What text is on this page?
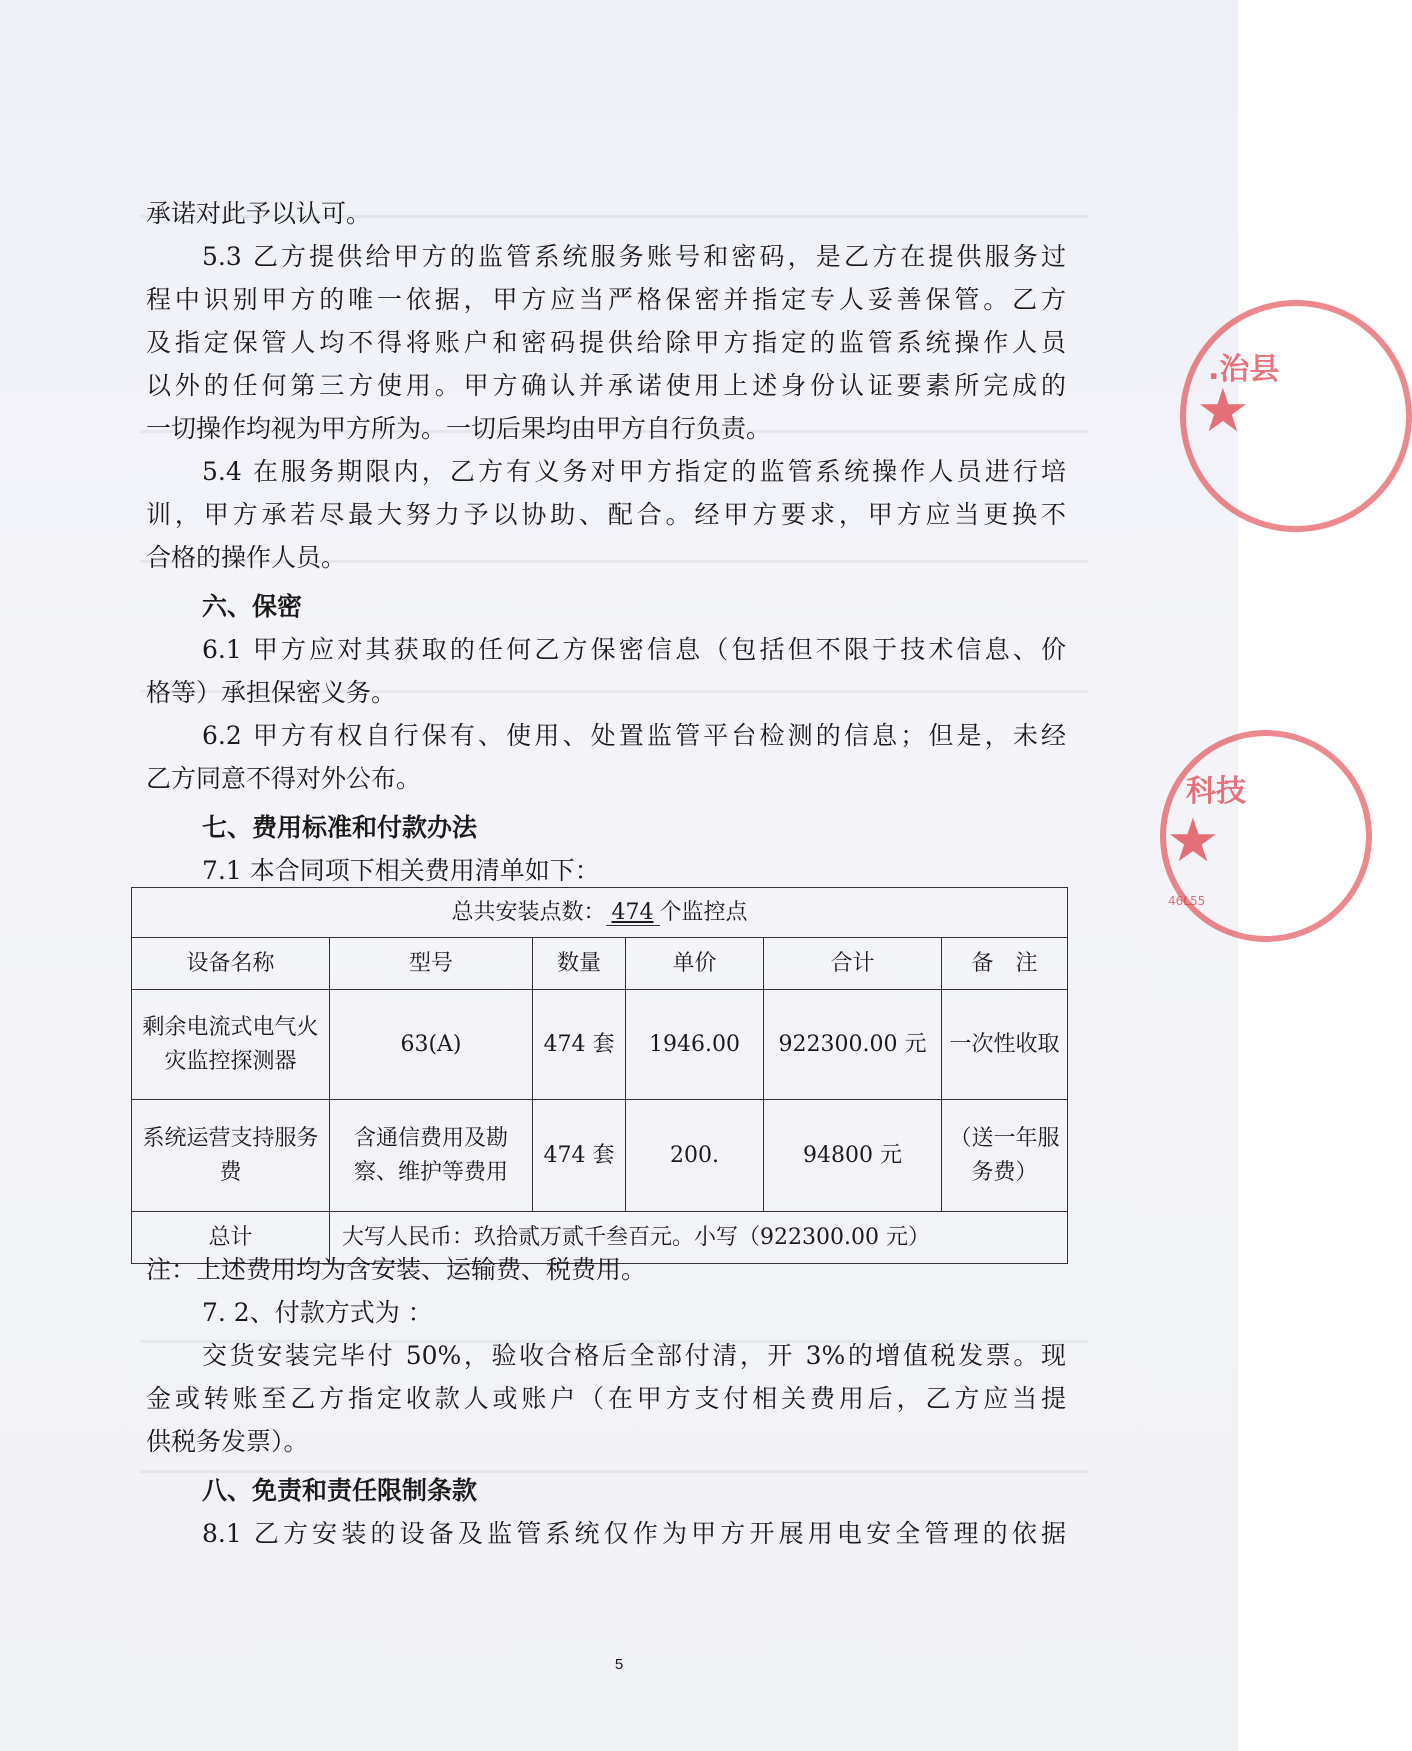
.治县
★
科技
★
46L55
承诺对此予以认可。
5.3 乙方提供给甲方的监管系统服务账号和密码，是乙方在提供服务过
程中识别甲方的唯一依据，甲方应当严格保密并指定专人妥善保管。乙方
及指定保管人均不得将账户和密码提供给除甲方指定的监管系统操作人员
以外的任何第三方使用。甲方确认并承诺使用上述身份认证要素所完成的
一切操作均视为甲方所为。一切后果均由甲方自行负责。
5.4 在服务期限内，乙方有义务对甲方指定的监管系统操作人员进行培
训，甲方承若尽最大努力予以协助、配合。经甲方要求，甲方应当更换不
合格的操作人员。
六、保密
6.1 甲方应对其获取的任何乙方保密信息（包括但不限于技术信息、价
格等）承担保密义务。
6.2 甲方有权自行保有、使用、处置监管平台检测的信息；但是，未经
乙方同意不得对外公布。
七、费用标准和付款办法
7.1 本合同项下相关费用清单如下：
总共安装点数： 474 个监控点					
设备名称	型号	数量	单价	合计	备　注
剩余电流式电气火灾监控探测器	63(A)	474 套	1946.00	922300.00 元	一次性收取
系统运营支持服务费	含通信费用及勘察、维护等费用	474 套	200.	94800 元	（送一年服务费）
总计	大写人民币：玖拾贰万贰千叁百元。小写（922300.00 元）				
注：上述费用均为含安装、运输费、税费用。
7. 2、付款方式为 ：
交货安装完毕付 50%，验收合格后全部付清，开 3%的增值税发票。现
金或转账至乙方指定收款人或账户（在甲方支付相关费用后，乙方应当提
供税务发票）。
八、免责和责任限制条款
8.1 乙方安装的设备及监管系统仅作为甲方开展用电安全管理的依据
5
